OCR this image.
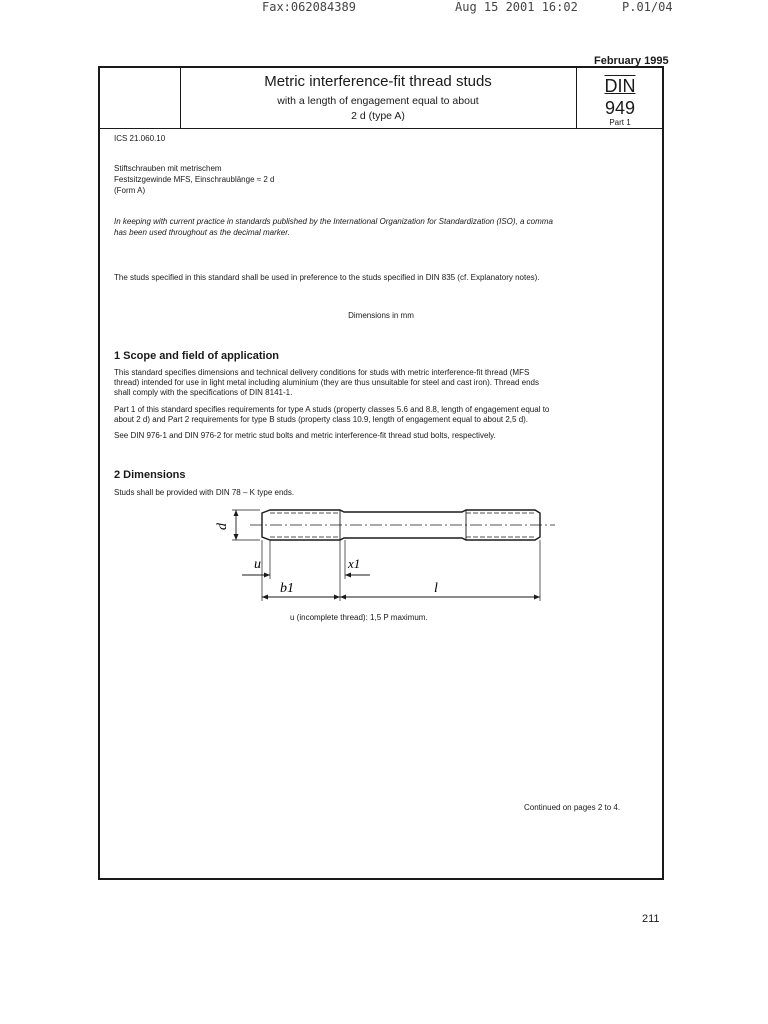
Fax:062084389	Aug 15 2001 16:02	P.01/04
February 1995
Metric interference-fit thread studs
with a length of engagement equal to about
2 d (type A)
DIN
949
Part 1
ICS 21.060.10
Stiftschrauben mit metrischem
Festsitzgewinde MFS, Einschraublänge ≈ 2 d
(Form A)
In keeping with current practice in standards published by the International Organization for Standardization (ISO), a comma
has been used throughout as the decimal marker.
The studs specified in this standard shall be used in preference to the studs specified in DIN 835 (cf. Explanatory notes).
Dimensions in mm
1 Scope and field of application
This standard specifies dimensions and technical delivery conditions for studs with metric interference-fit thread (MFS
thread) intended for use in light metal including aluminium (they are thus unsuitable for steel and cast iron). Thread ends
shall comply with the specifications of DIN 8141-1.
Part 1 of this standard specifies requirements for type A studs (property classes 5.6 and 8.8, length of engagement equal to
about 2 d) and Part 2 requirements for type B studs (property class 10.9, length of engagement equal to about 2,5 d).
See DIN 976-1 and DIN 976-2 for metric stud bolts and metric interference-fit thread stud bolts, respectively.
2 Dimensions
Studs shall be provided with DIN 78 – K type ends.
d
u	x1
b1	l
u (incomplete thread): 1,5 P maximum.
Continued on pages 2 to 4.
211
